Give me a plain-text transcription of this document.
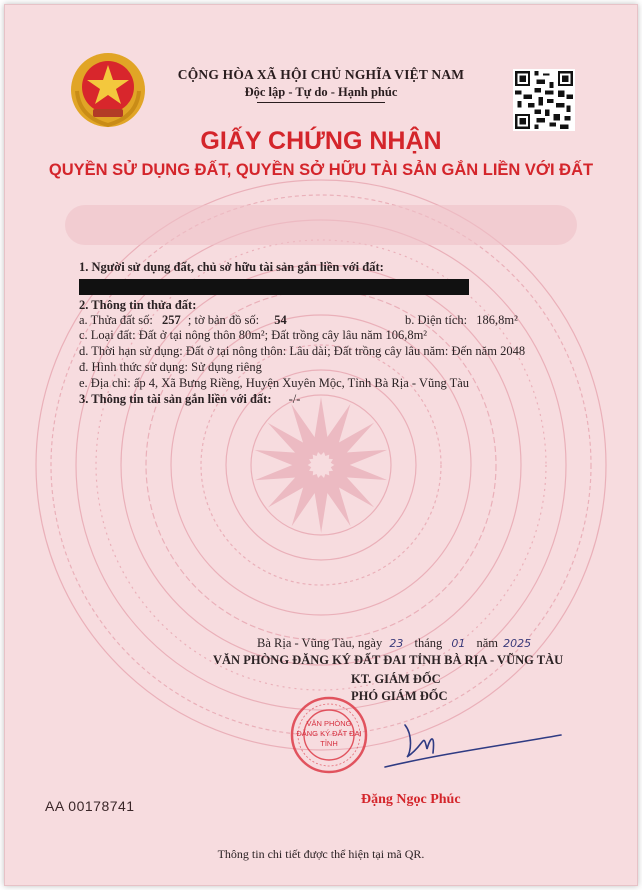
CỘNG HÒA XÃ HỘI CHỦ NGHĨA VIỆT NAM
Độc lập - Tự do - Hạnh phúc
GIẤY CHỨNG NHẬN
QUYỀN SỬ DỤNG ĐẤT, QUYỀN SỞ HỮU TÀI SẢN GẮN LIỀN VỚI ĐẤT
1. Người sử dụng đất, chủ sở hữu tài sản gắn liền với đất:
2. Thông tin thửa đất:
a. Thửa đất số: 257 ; tờ bản đồ số: 54	b. Diện tích: 186,8m²
c. Loại đất: Đất ở tại nông thôn 80m²; Đất trồng cây lâu năm 106,8m²
d. Thời hạn sử dụng: Đất ở tại nông thôn: Lâu dài; Đất trồng cây lâu năm: Đến năm 2048
đ. Hình thức sử dụng: Sử dụng riêng
e. Địa chỉ: ấp 4, Xã Bưng Riềng, Huyện Xuyên Mộc, Tỉnh Bà Rịa - Vũng Tàu
3. Thông tin tài sản gắn liền với đất: -/-
Bà Rịa - Vũng Tàu, ngày 23 tháng 01 năm 2025
VĂN PHÒNG ĐĂNG KÝ ĐẤT ĐAI TỈNH BÀ RỊA - VŨNG TÀU
KT. GIÁM ĐỐC
PHÓ GIÁM ĐỐC
VĂN PHÒNG
ĐĂNG KÝ ĐẤT ĐAI
TỈNH
AA 00178741	Đặng Ngọc Phúc
Thông tin chi tiết được thể hiện tại mã QR.
